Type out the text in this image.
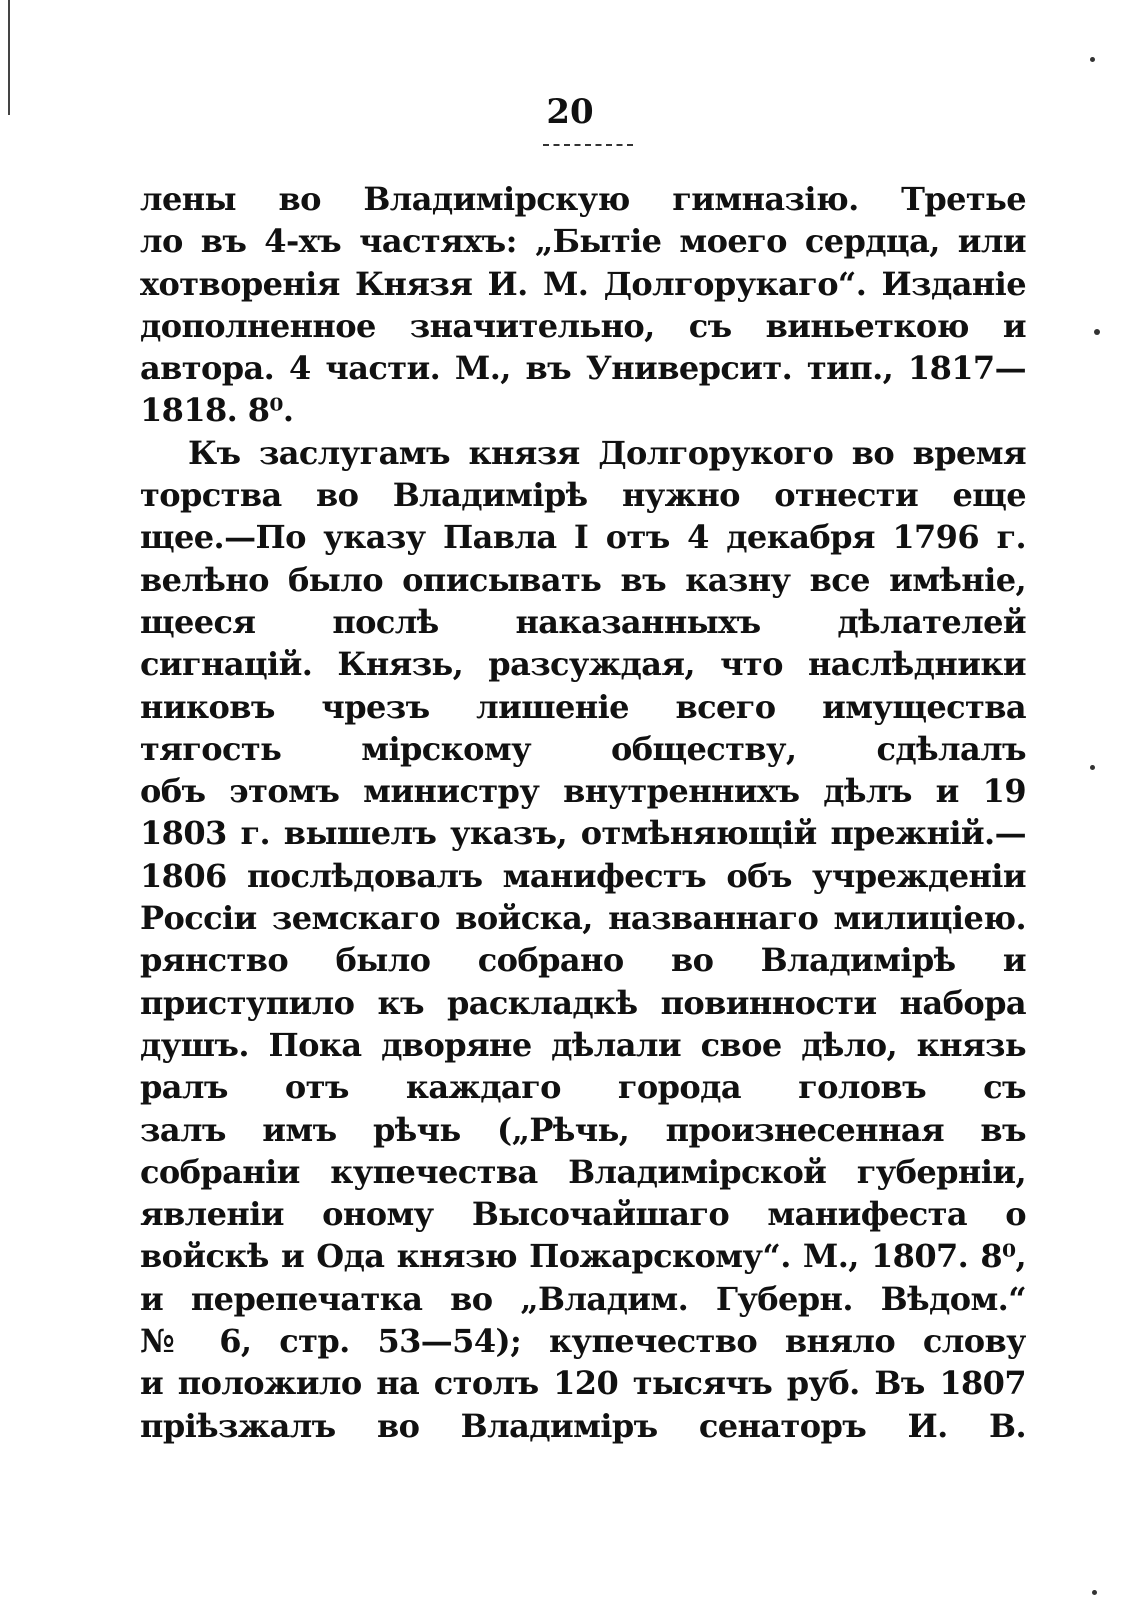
20
лены во Владимірскую гимназію. Третье
ло въ 4-хъ частяхъ: „Бытіе моего сердца, или
хотворенія Князя И. М. Долгорукаго“. Изданіе
дополненное значительно, съ виньеткою и
автора. 4 части. М., въ Университ. тип., 1817—
1818. 8⁰.
Къ заслугамъ князя Долгорукого во время
торства во Владимірѣ нужно отнести еще
щее.—По указу Павла I отъ 4 декабря 1796 г.
велѣно было описывать въ казну все имѣніе,
щееся послѣ наказанныхъ дѣлателей
сигнацій. Князь, разсуждая, что наслѣдники
никовъ чрезъ лишеніе всего имущества
тягость мірскому обществу, сдѣлалъ
объ этомъ министру внутреннихъ дѣлъ и 19
1803 г. вышелъ указъ, отмѣняющій прежній.—
1806 послѣдовалъ манифестъ объ учрежденіи
Россіи земскаго войска, названнаго милиціею.
рянство было собрано во Владимірѣ и
приступило къ раскладкѣ повинности набора
душъ. Пока дворяне дѣлали свое дѣло, князь
ралъ отъ каждаго города головъ съ
залъ имъ рѣчь („Рѣчь, произнесенная въ
собраніи купечества Владимірской губерніи,
явленіи оному Высочайшаго манифеста о
войскѣ и Ода князю Пожарскому“. М., 1807. 8⁰,
и перепечатка во „Владим. Губерн. Вѣдом.“
№ 6, стр. 53—54); купечество вняло слову
и положило на столъ 120 тысячъ руб. Въ 1807
пріѣзжалъ во Владиміръ сенаторъ И. В.
